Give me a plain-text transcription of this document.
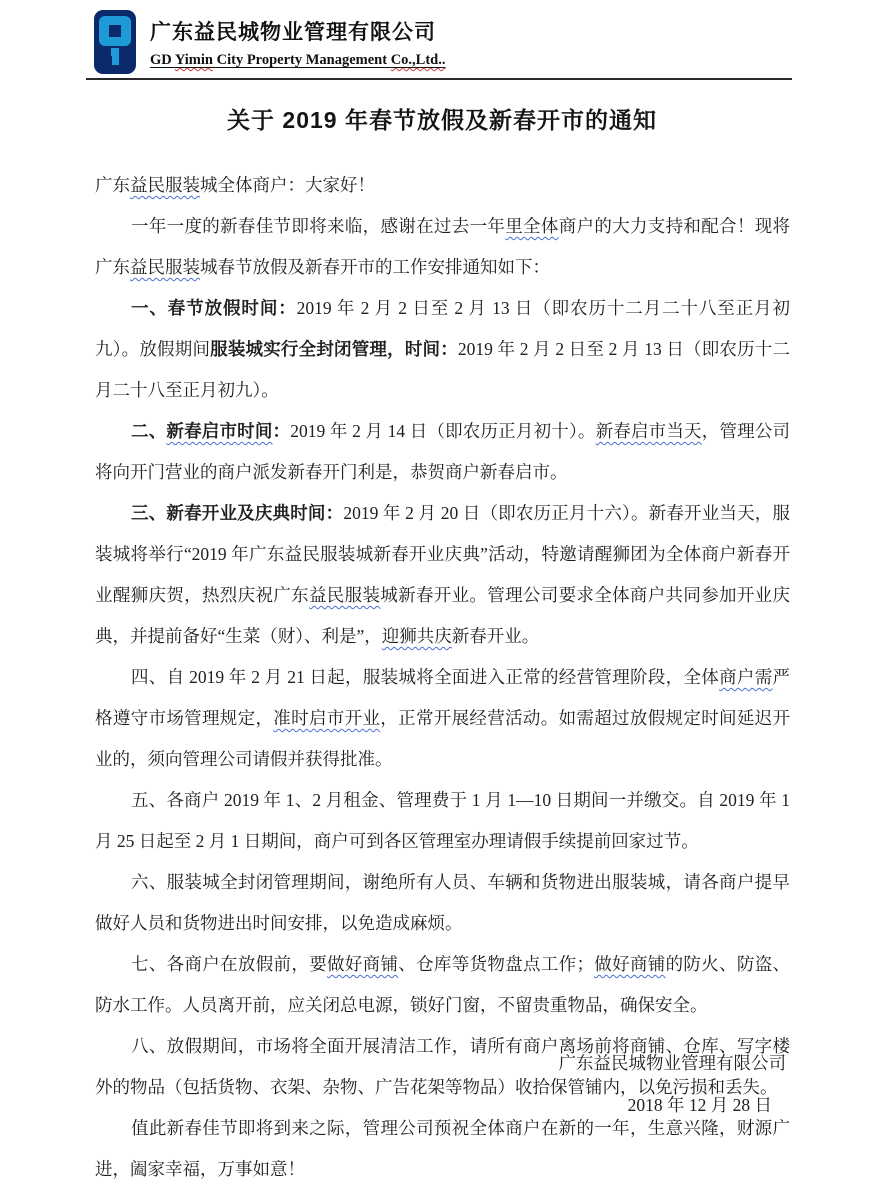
广东益民城物业管理有限公司
GD Yimin City Property Management Co.,Ltd..
关于 2019 年春节放假及新春开市的通知

广东益民服装城全体商户：大家好！

一年一度的新春佳节即将来临，感谢在过去一年里全体商户的大力支持和配合！现将广东益民服装城春节放假及新春开市的工作安排通知如下：

一、春节放假时间：2019 年 2 月 2 日至 2 月 13 日（即农历十二月二十八至正月初九）。放假期间服装城实行全封闭管理，时间：2019 年 2 月 2 日至 2 月 13 日（即农历十二月二十八至正月初九）。

二、新春启市时间：2019 年 2 月 14 日（即农历正月初十）。新春启市当天，管理公司将向开门营业的商户派发新春开门利是，恭贺商户新春启市。

三、新春开业及庆典时间：2019 年 2 月 20 日（即农历正月十六）。新春开业当天，服装城将举行“2019 年广东益民服装城新春开业庆典”活动，特邀请醒狮团为全体商户新春开业醒狮庆贺，热烈庆祝广东益民服装城新春开业。管理公司要求全体商户共同参加开业庆典，并提前备好“生菜（财）、利是”，迎狮共庆新春开业。

四、自 2019 年 2 月 21 日起，服装城将全面进入正常的经营管理阶段，全体商户需严格遵守市场管理规定，准时启市开业，正常开展经营活动。如需超过放假规定时间延迟开业的，须向管理公司请假并获得批准。

五、各商户 2019 年 1、2 月租金、管理费于 1 月 1—10 日期间一并缴交。自 2019 年 1 月 25 日起至 2 月 1 日期间，商户可到各区管理室办理请假手续提前回家过节。

六、服装城全封闭管理期间，谢绝所有人员、车辆和货物进出服装城，请各商户提早做好人员和货物进出时间安排，以免造成麻烦。

七、各商户在放假前，要做好商铺、仓库等货物盘点工作；做好商铺的防火、防盗、防水工作。人员离开前，应关闭总电源，锁好门窗，不留贵重物品，确保安全。

八、放假期间，市场将全面开展清洁工作，请所有商户离场前将商铺、仓库、写字楼外的物品（包括货物、衣架、杂物、广告花架等物品）收拾保管铺内，以免污损和丢失。

值此新春佳节即将到来之际，管理公司预祝全体商户在新的一年，生意兴隆，财源广进，阖家幸福，万事如意！

广东益民城物业管理有限公司
2018 年 12 月 28 日
